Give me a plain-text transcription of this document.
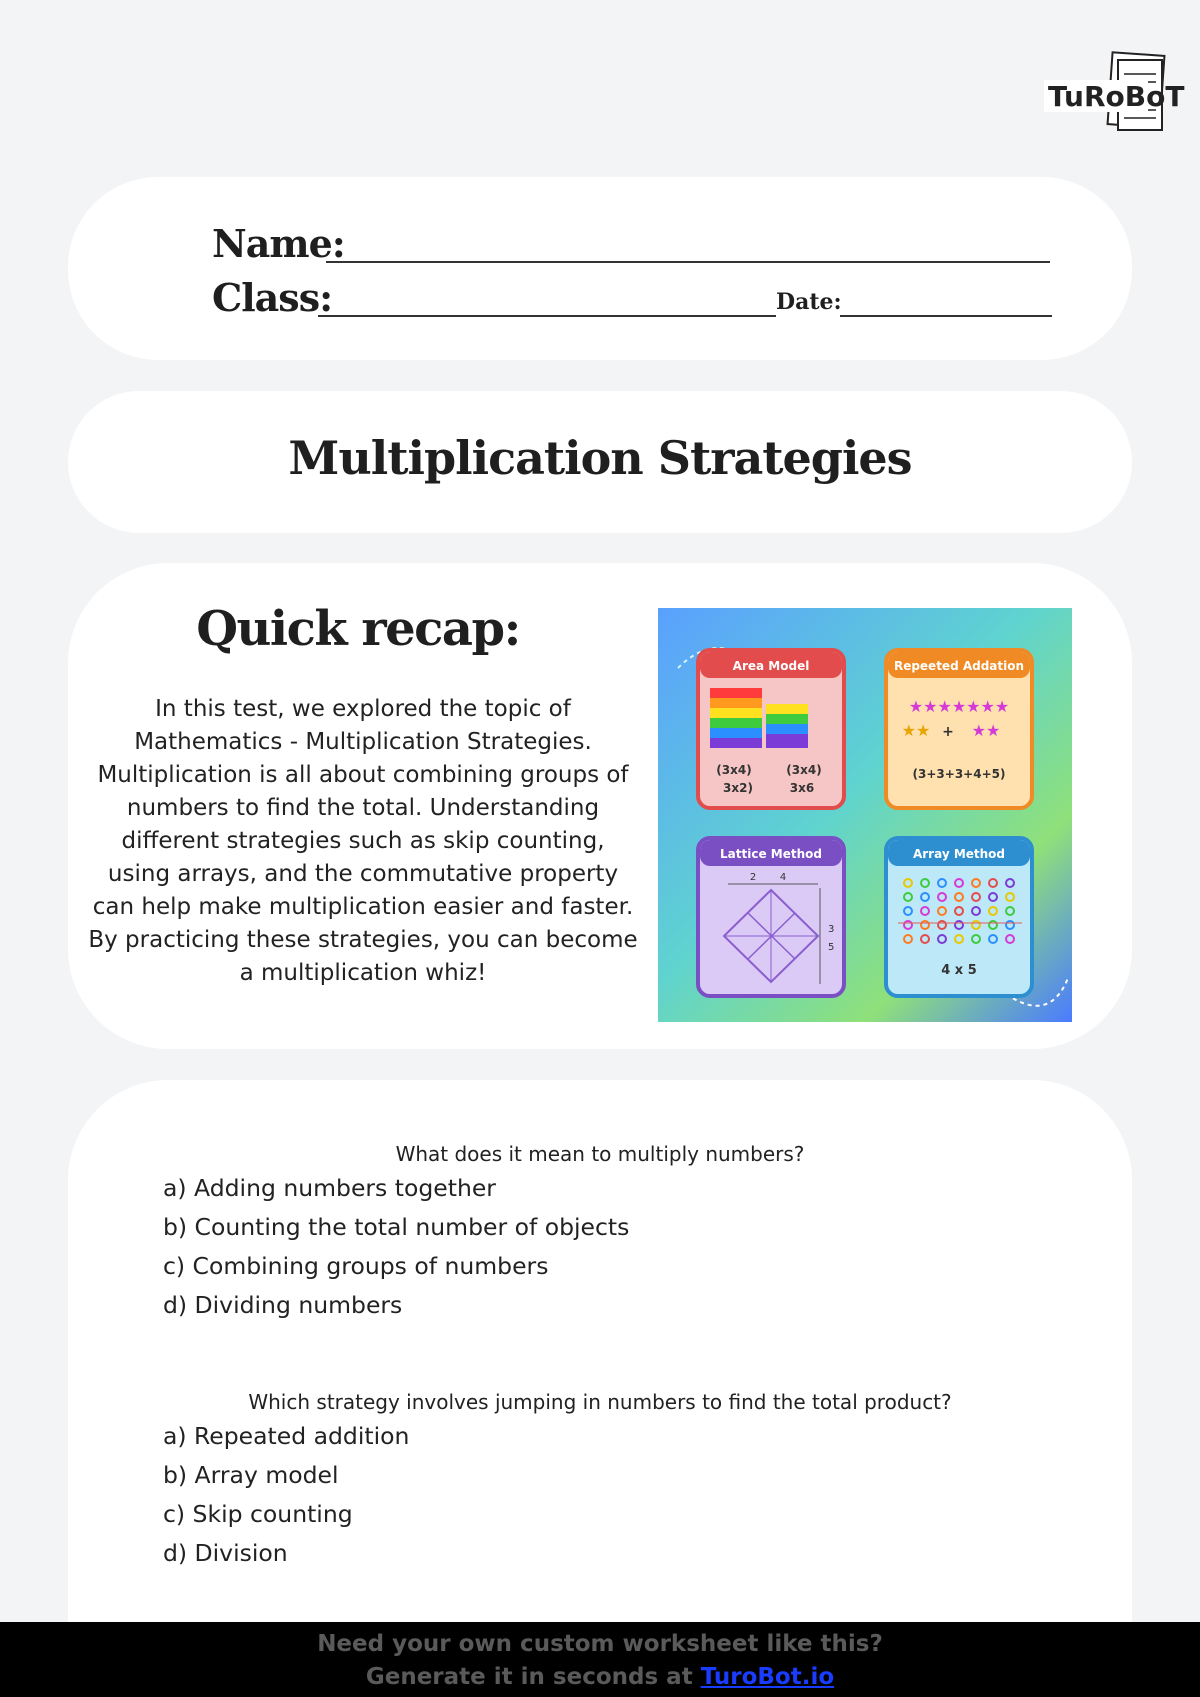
TuRoBoT
Name:
Class:	Date:
Multiplication Strategies
Quick recap:
In this test, we explored the topic of Mathematics - Multiplication Strategies. Multiplication is all about combining groups of numbers to find the total. Understanding different strategies such as skip counting, using arrays, and the commutative property can help make multiplication easier and faster. By practicing these strategies, you can become a multiplication whiz!
Area Model
(3x4)
3x2)
(3x4)
3x6
Repeeted Addation
★★★★★★★
★★ + ★★
(3+3+3+4+5)
Lattice Method
2 4
3
5
Array Method
4 x 5
What does it mean to multiply numbers?
a) Adding numbers together
b) Counting the total number of objects
c) Combining groups of numbers
d) Dividing numbers
Which strategy involves jumping in numbers to find the total product?
a) Repeated addition
b) Array model
c) Skip counting
d) Division
Need your own custom worksheet like this?
Generate it in seconds at TuroBot.io
